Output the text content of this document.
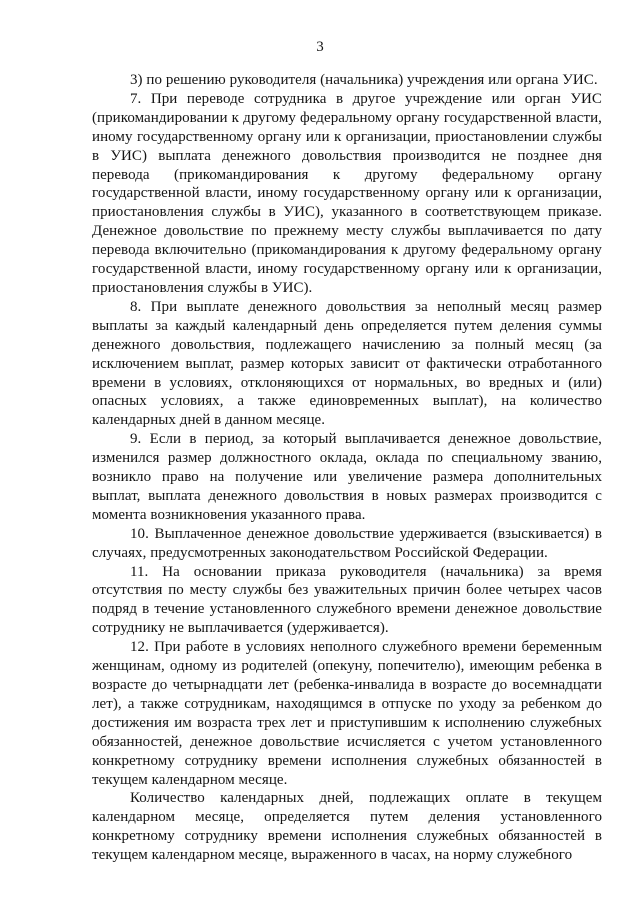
3

3) по решению руководителя (начальника) учреждения или органа УИС.

7. При переводе сотрудника в другое учреждение или орган УИС (прикомандировании к другому федеральному органу государственной власти, иному государственному органу или к организации, приостановлении службы в УИС) выплата денежного довольствия производится не позднее дня перевода (прикомандирования к другому федеральному органу государственной власти, иному государственному органу или к организации, приостановления службы в УИС), указанного в соответствующем приказе. Денежное довольствие по прежнему месту службы выплачивается по дату перевода включительно (прикомандирования к другому федеральному органу государственной власти, иному государственному органу или к организации, приостановления службы в УИС).

8. При выплате денежного довольствия за неполный месяц размер выплаты за каждый календарный день определяется путем деления суммы денежного довольствия, подлежащего начислению за полный месяц (за исключением выплат, размер которых зависит от фактически отработанного времени в условиях, отклоняющихся от нормальных, во вредных и (или) опасных условиях, а также единовременных выплат), на количество календарных дней в данном месяце.

9. Если в период, за который выплачивается денежное довольствие, изменился размер должностного оклада, оклада по специальному званию, возникло право на получение или увеличение размера дополнительных выплат, выплата денежного довольствия в новых размерах производится с момента возникновения указанного права.

10. Выплаченное денежное довольствие удерживается (взыскивается) в случаях, предусмотренных законодательством Российской Федерации.

11. На основании приказа руководителя (начальника) за время отсутствия по месту службы без уважительных причин более четырех часов подряд в течение установленного служебного времени денежное довольствие сотруднику не выплачивается (удерживается).

12. При работе в условиях неполного служебного времени беременным женщинам, одному из родителей (опекуну, попечителю), имеющим ребенка в возрасте до четырнадцати лет (ребенка-инвалида в возрасте до восемнадцати лет), а также сотрудникам, находящимся в отпуске по уходу за ребенком до достижения им возраста трех лет и приступившим к исполнению служебных обязанностей, денежное довольствие исчисляется с учетом установленного конкретному сотруднику времени исполнения служебных обязанностей в текущем календарном месяце.

Количество календарных дней, подлежащих оплате в текущем календарном месяце, определяется путем деления установленного конкретному сотруднику времени исполнения служебных обязанностей в текущем календарном месяце, выраженного в часах, на норму служебного
